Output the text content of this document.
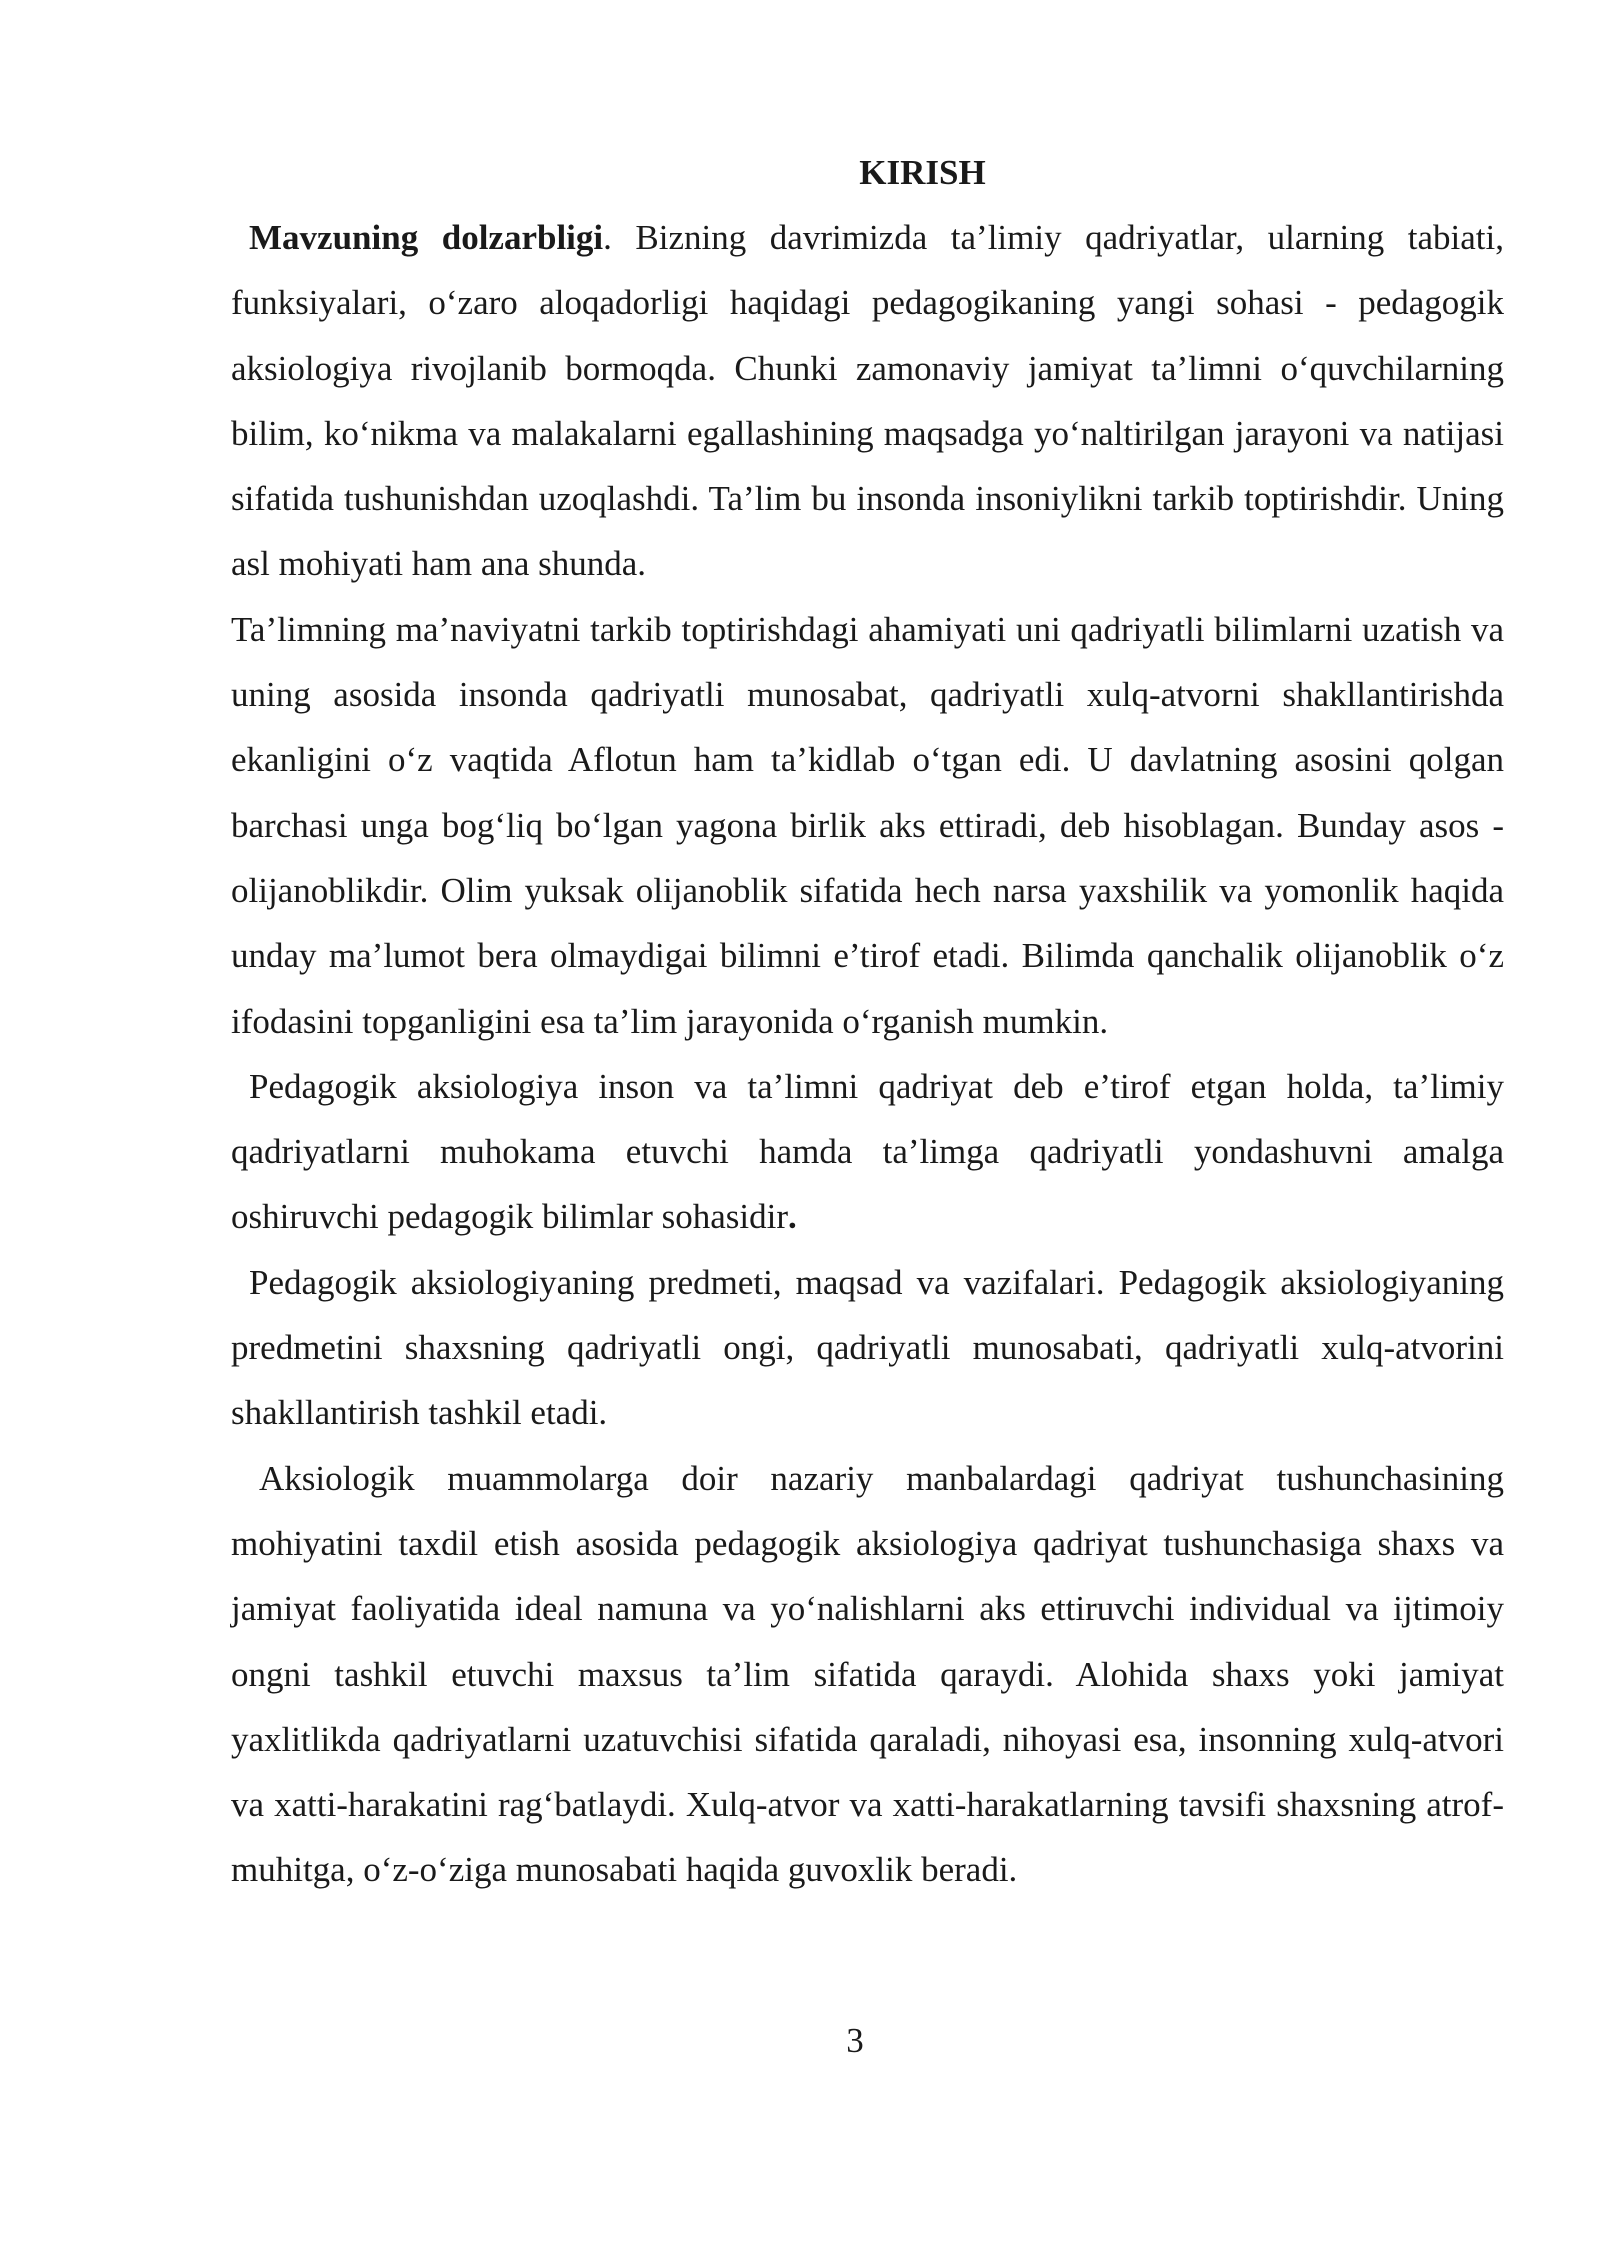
KIRISH

Mavzuning dolzarbligi. Bizning davrimizda ta’limiy qadriyatlar, ularning tabiati, funksiyalari, o‘zaro aloqadorligi haqidagi pedagogikaning yangi sohasi - pedagogik aksiologiya rivojlanib bormoqda. Chunki zamonaviy jamiyat ta’limni o‘quvchilarning bilim, ko‘nikma va malakalarni egallashining maqsadga yo‘naltirilgan jarayoni va natijasi sifatida tushunishdan uzoqlashdi. Ta’lim bu insonda insoniylikni tarkib toptirishdir. Uning asl mohiyati ham ana shunda.

Ta’limning ma’naviyatni tarkib toptirishdagi ahamiyati uni qadriyatli bilimlarni uzatish va uning asosida insonda qadriyatli munosabat, qadriyatli xulq-atvorni shakllantirishda ekanligini o‘z vaqtida Aflotun ham ta’kidlab o‘tgan edi. U davlatning asosini qolgan barchasi unga bog‘liq bo‘lgan yagona birlik aks ettiradi, deb hisoblagan. Bunday asos - olijanoblikdir. Olim yuksak olijanoblik sifatida hech narsa yaxshilik va yomonlik haqida unday ma’lumot bera olmaydigai bilimni e’tirof etadi. Bilimda qanchalik olijanoblik o‘z ifodasini topganligini esa ta’lim jarayonida o‘rganish mumkin.

Pedagogik aksiologiya inson va ta’limni qadriyat deb e’tirof etgan holda, ta’limiy qadriyatlarni muhokama etuvchi hamda ta’limga qadriyatli yondashuvni amalga oshiruvchi pedagogik bilimlar sohasidir.

Pedagogik aksiologiyaning predmeti, maqsad va vazifalari. Pedagogik aksiologiyaning predmetini shaxsning qadriyatli ongi, qadriyatli munosabati, qadriyatli xulq-atvorini shakllantirish tashkil etadi.

Aksiologik muammolarga doir nazariy manbalardagi qadriyat tushunchasining mohiyatini taxdil etish asosida pedagogik aksiologiya qadriyat tushunchasiga shaxs va jamiyat faoliyatida ideal namuna va yo‘nalishlarni aks ettiruvchi individual va ijtimoiy ongni tashkil etuvchi maxsus ta’lim sifatida qaraydi. Alohida shaxs yoki jamiyat yaxlitlikda qadriyatlarni uzatuvchisi sifatida qaraladi, nihoyasi esa, insonning xulq-atvori va xatti-harakatini rag‘batlaydi. Xulq-atvor va xatti-harakatlarning tavsifi shaxsning atrof-muhitga, o‘z-o‘ziga munosabati haqida guvoxlik beradi.

3
